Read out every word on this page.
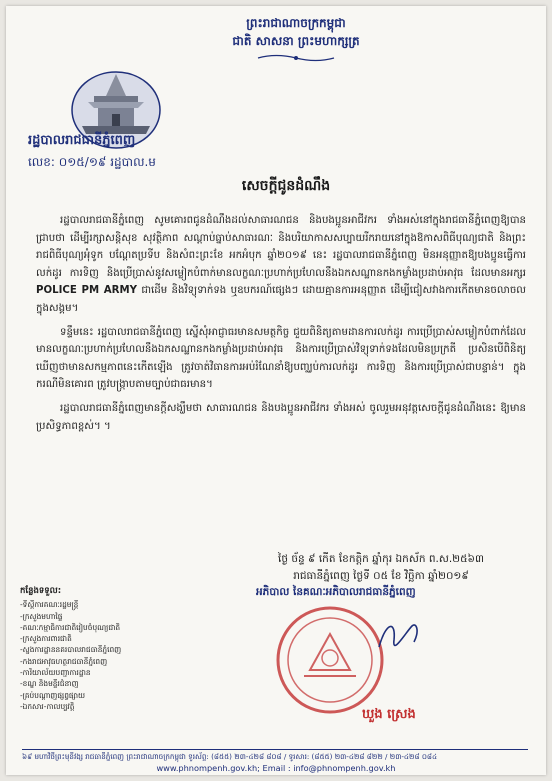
ព្រះរាជាណាចក្រកម្ពុជា
ជាតិ សាសនា ព្រះមហាក្សត្រ
រដ្ឋបាលរាជធានីភ្នំពេញ
លេខ: ០១៥/១៩ រដ្ឋបាល.ម
សេចក្ដីជូនដំណឹង

រដ្ឋបាលរាជធានីភ្នំពេញ សូមគោរពជូនដំណឹងដល់សាធារណជន និងបងប្អូនអាជីវករ ទាំងអស់នៅក្នុងរាជធានីភ្នំពេញឱ្យបានជ្រាបថា ដើម្បីរក្សាសន្តិសុខ សុវត្ថិភាព សណ្ដាប់ធ្នាប់សាធារណៈ និងបរិយាកាសសប្បាយរីករាយនៅក្នុងឱកាសពិធីបុណ្យជាតិ និងព្រះរាជពិធីបុណ្យអុំទូក បណ្ដែតប្រទីប និងសំពះព្រះខែ អកអំបុក ឆ្នាំ២០១៩ នេះ រដ្ឋបាលរាជធានីភ្នំពេញ មិនអនុញ្ញាតឱ្យបងប្អូនធ្វើការលក់ដូរ ការទិញ និងប្រើប្រាស់នូវសម្លៀកបំពាក់មានលក្ខណៈប្រហាក់ប្រហែលនឹងឯកសណ្ឋានកងកម្លាំងប្រដាប់អាវុធ ដែលមានអក្សរ POLICE PM ARMY ជាដើម និងវិទ្យុទាក់ទង ឬឧបករណ៍ផ្សេងៗ ដោយគ្មានការអនុញ្ញាត ដើម្បីជៀសវាងការកើតមានចលាចលក្នុងសង្គម។

ទន្ទឹមនេះ រដ្ឋបាលរាជធានីភ្នំពេញ ស្នើសុំអាជ្ញាធរមានសមត្ថកិច្ច ជួយពិនិត្យតាមដានការលក់ដូរ ការប្រើប្រាស់សម្លៀកបំពាក់ដែលមានលក្ខណៈប្រហាក់ប្រហែលនឹងឯកសណ្ឋានកងកម្លាំងប្រដាប់អាវុធ និងការប្រើប្រាស់វិទ្យុទាក់ទងដែលមិនប្រក្រតី ប្រសិនបើពិនិត្យឃើញថាមានសកម្មភាពនេះកើតឡើង ត្រូវចាត់វិធានការអប់រំណែនាំឱ្យបញ្ឈប់ការលក់ដូរ ការទិញ និងការប្រើប្រាស់ជាបន្ទាន់។ ក្នុងករណីមិនគោរព ត្រូវបង្ក្រាបតាមច្បាប់ជាធរមាន។

រដ្ឋបាលរាជធានីភ្នំពេញមានក្ដីសង្ឃឹមថា សាធារណជន និងបងប្អូនអាជីវករ ទាំងអស់ ចូលរួមអនុវត្តសេចក្ដីជូនដំណឹងនេះ ឱ្យមានប្រសិទ្ធភាពខ្ពស់។ ។

ថ្ងៃ ច័ន្ទ ៩ កើត ខែកត្ដិក ឆ្នាំកុរ ឯកស័ក ព.ស.២៥៦៣
រាជធានីភ្នំពេញ ថ្ងៃទី ០៥ ខែ វិច្ឆិកា ឆ្នាំ២០១៩
អភិបាល នៃគណៈអភិបាលរាជធានីភ្នំពេញ
ឃួង ស្រេង
កន្លែងទទួល:
-ទីស្ដីការគណៈរដ្ឋមន្ត្រី
-ក្រសួងមហាផ្ទៃ
-គណៈកម្មាធិការជាតិរៀបចំបុណ្យជាតិ
-ក្រសួងការពារជាតិ
-ស្នងការដ្ឋាននគរបាលរាជធានីភ្នំពេញ
-កងរាជអាវុធហត្ថរាជធានីភ្នំពេញ
-ការិយាល័យបញ្ជាការដ្ឋាន
-ខណ្ឌ និងមន្ទីរជំនាញ
-គ្រប់បណ្ដាញផ្សព្វផ្សាយ
-ឯកសារ-កាលប្បវត្តិ
៦៩ មហាវិថីព្រះមុនីវង្ស រាជធានីភ្នំពេញ ព្រះរាជាណាចក្រកម្ពុជា ទូរស័ព្ទ: (៨៥៥) ២៣-៤២៨ ៨០៨ / ទូរសារ: (៨៥៥) ២៣-៤២៨ ៨២២ / ២៣-៤២៨ ០៨៤
www.phnompenh.gov.kh; Email : info@phnompenh.gov.kh
